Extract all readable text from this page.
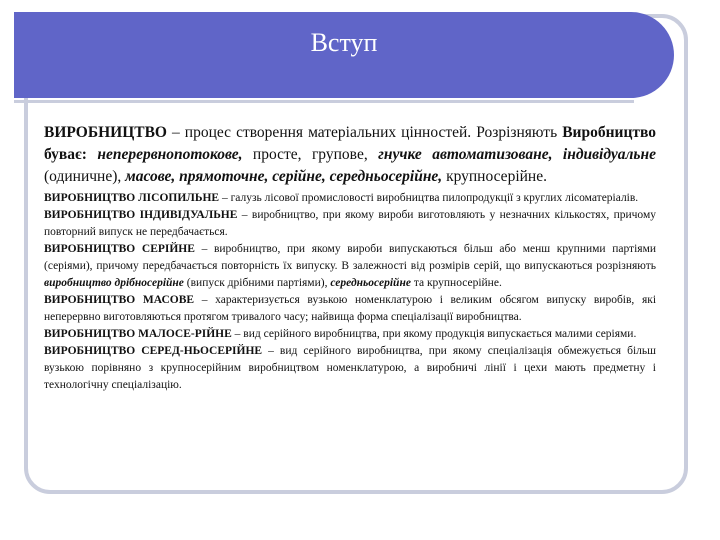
Вступ

ВИРОБНИЦТВО – процес створення матеріальних цінностей. Розрізняють Виробництво буває: неперервнопотокове, просте, груповe, гнучке автоматизоване, індивідуальне (одиничне), масове, прямоточне, серійне, середньосерійне, крупносерійне.

ВИРОБНИЦТВО ЛІСОПИЛЬНЕ – галузь лісової промисловості виробництва пилопродукції з круглих лісоматеріалів.

ВИРОБНИЦТВО ІНДИВІДУАЛЬНЕ – виробництво, при якому вироби виготовляють у незначних кількостях, причому повторний випуск не передбачається.

ВИРОБНИЦТВО СЕРІЙНЕ – виробництво, при якому вироби випускаються більш або менш крупними партіями (серіями), причому передбачається повторність їх випуску. В залежності від розмірів серій, що випускаються розрізняють виробництво дрібносерійне (випуск дрібними партіями), середньосерійне та крупносерійне.

ВИРОБНИЦТВО МАСОВЕ – характеризується вузькою номенклатурою і великим обсягом випуску виробів, які неперервно виготовляються протягом тривалого часу; найвища форма спеціалізації виробництва.

ВИРОБНИЦТВО МАЛОСЕ-РІЙНЕ – вид серійного виробництва, при якому продукція випускається малими серіями.

ВИРОБНИЦТВО СЕРЕД-НЬОСЕРІЙНЕ – вид серійного виробництва, при якому спеціалізація обмежується більш вузькою порівняно з крупносерійним виробництвом номенклатурою, а виробничі лінії і цехи мають предметну і технологічну спеціалізацію.
